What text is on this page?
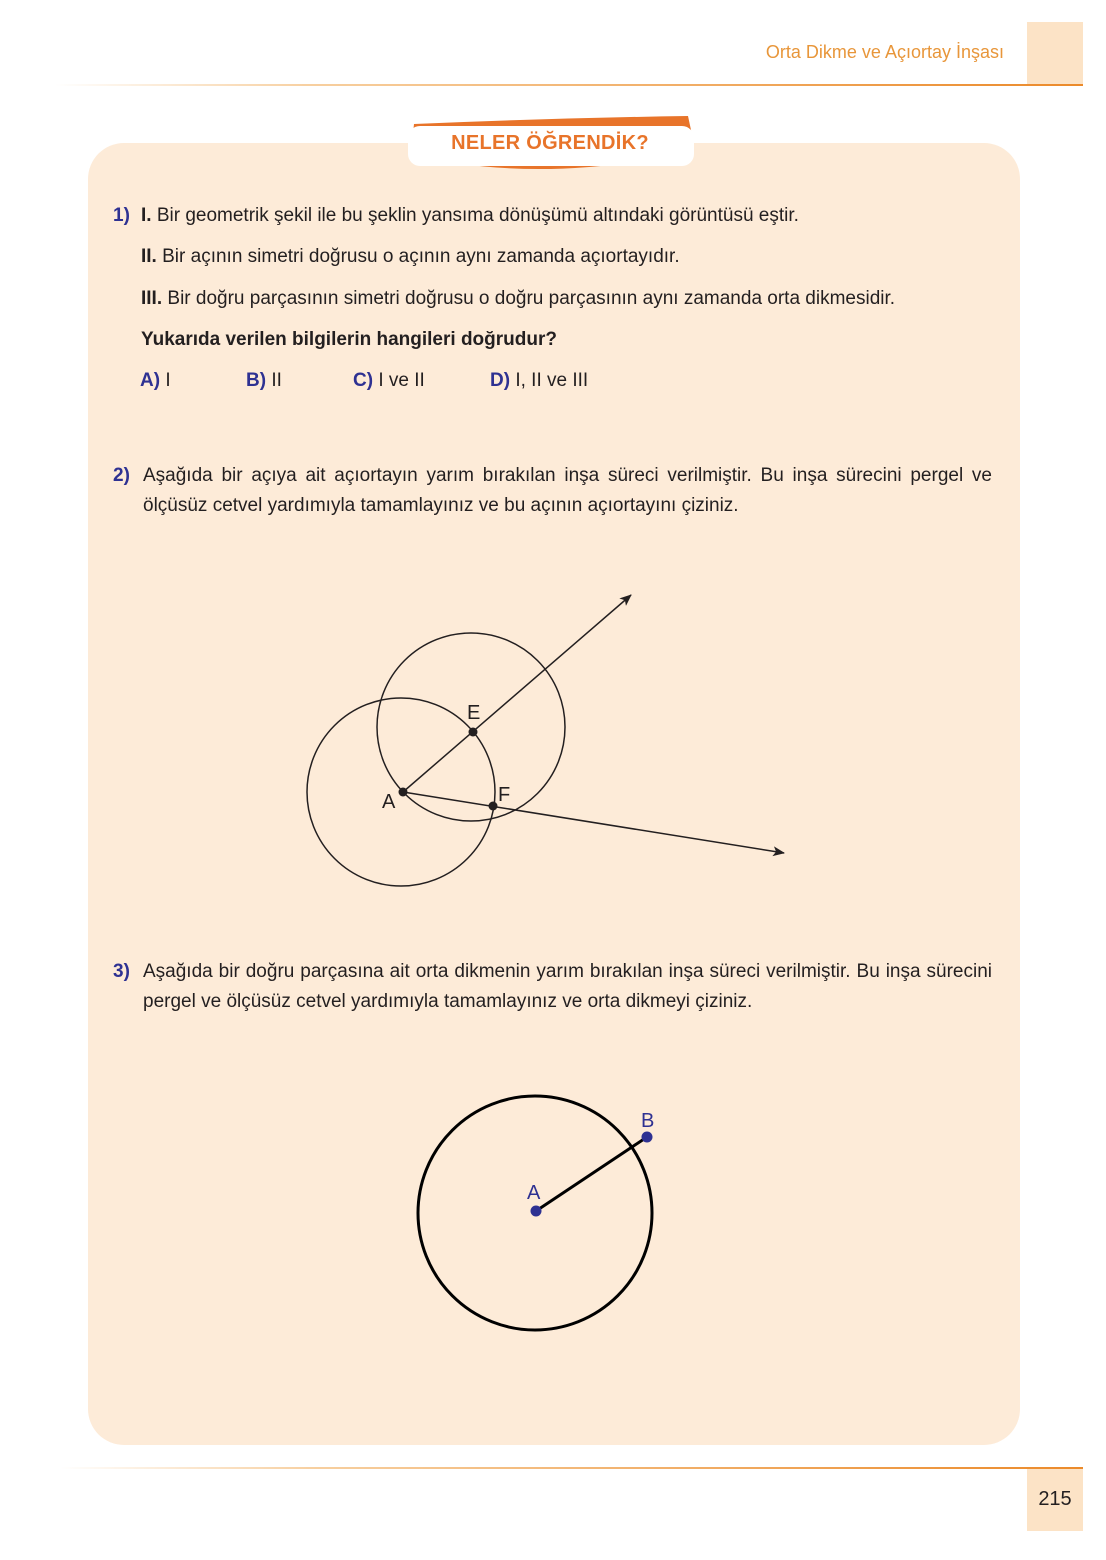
Orta Dikme ve Açıortay İnşası
NELER ÖĞRENDİK?
1) I. Bir geometrik şekil ile bu şeklin yansıma dönüşümü altındaki görüntüsü eştir.
II. Bir açının simetri doğrusu o açının aynı zamanda açıortayıdır.
III. Bir doğru parçasının simetri doğrusu o doğru parçasının aynı zamanda orta dikmesidir.
Yukarıda verilen bilgilerin hangileri doğrudur?
A) I	B) II	C) I ve II	D) I, II ve III
2) Aşağıda bir açıya ait açıortayın yarım bırakılan inşa süreci verilmiştir. Bu inşa sürecini pergel ve ölçüsüz cetvel yardımıyla tamamlayınız ve bu açının açıortayını çiziniz.
A
E
F
3) Aşağıda bir doğru parçasına ait orta dikmenin yarım bırakılan inşa süreci verilmiştir. Bu inşa sürecini pergel ve ölçüsüz cetvel yardımıyla tamamlayınız ve orta dikmeyi çiziniz.
A
B
215
